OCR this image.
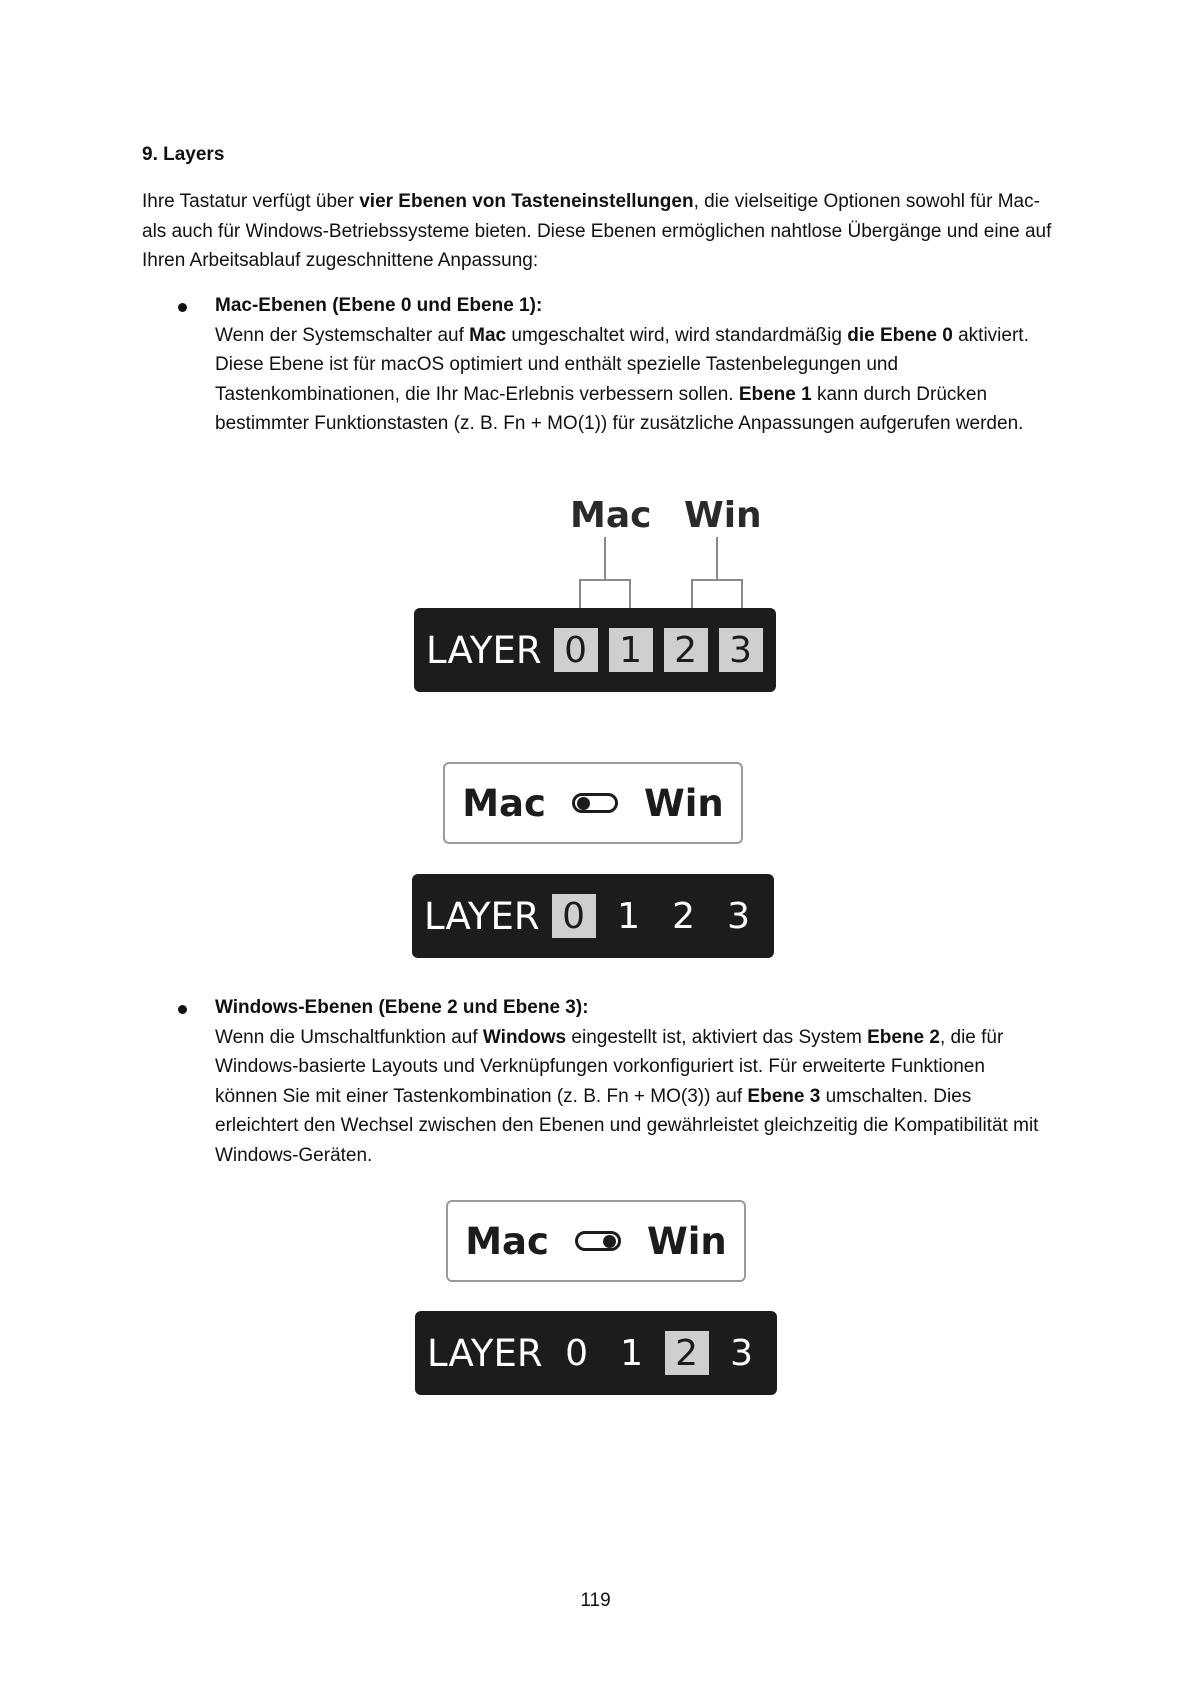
9. Layers
Ihre Tastatur verfügt über vier Ebenen von Tasteneinstellungen, die vielseitige Optionen sowohl für Mac- als auch für Windows-Betriebssysteme bieten. Diese Ebenen ermöglichen nahtlose Übergänge und eine auf Ihren Arbeitsablauf zugeschnittene Anpassung:
Mac-Ebenen (Ebene 0 und Ebene 1):
Wenn der Systemschalter auf Mac umgeschaltet wird, wird standardmäßig die Ebene 0 aktiviert. Diese Ebene ist für macOS optimiert und enthält spezielle Tastenbelegungen und Tastenkombinationen, die Ihr Mac-Erlebnis verbessern sollen. Ebene 1 kann durch Drücken bestimmter Funktionstasten (z. B. Fn + MO(1)) für zusätzliche Anpassungen aufgerufen werden.
Mac Win
LAYER 0 1 2 3
Mac	Win
LAYER 0 1 2 3
Windows-Ebenen (Ebene 2 und Ebene 3):
Wenn die Umschaltfunktion auf Windows eingestellt ist, aktiviert das System Ebene 2, die für Windows-basierte Layouts und Verknüpfungen vorkonfiguriert ist. Für erweiterte Funktionen können Sie mit einer Tastenkombination (z. B. Fn + MO(3)) auf Ebene 3 umschalten. Dies erleichtert den Wechsel zwischen den Ebenen und gewährleistet gleichzeitig die Kompatibilität mit Windows-Geräten.
Mac	Win
LAYER 0 1 2 3
119
